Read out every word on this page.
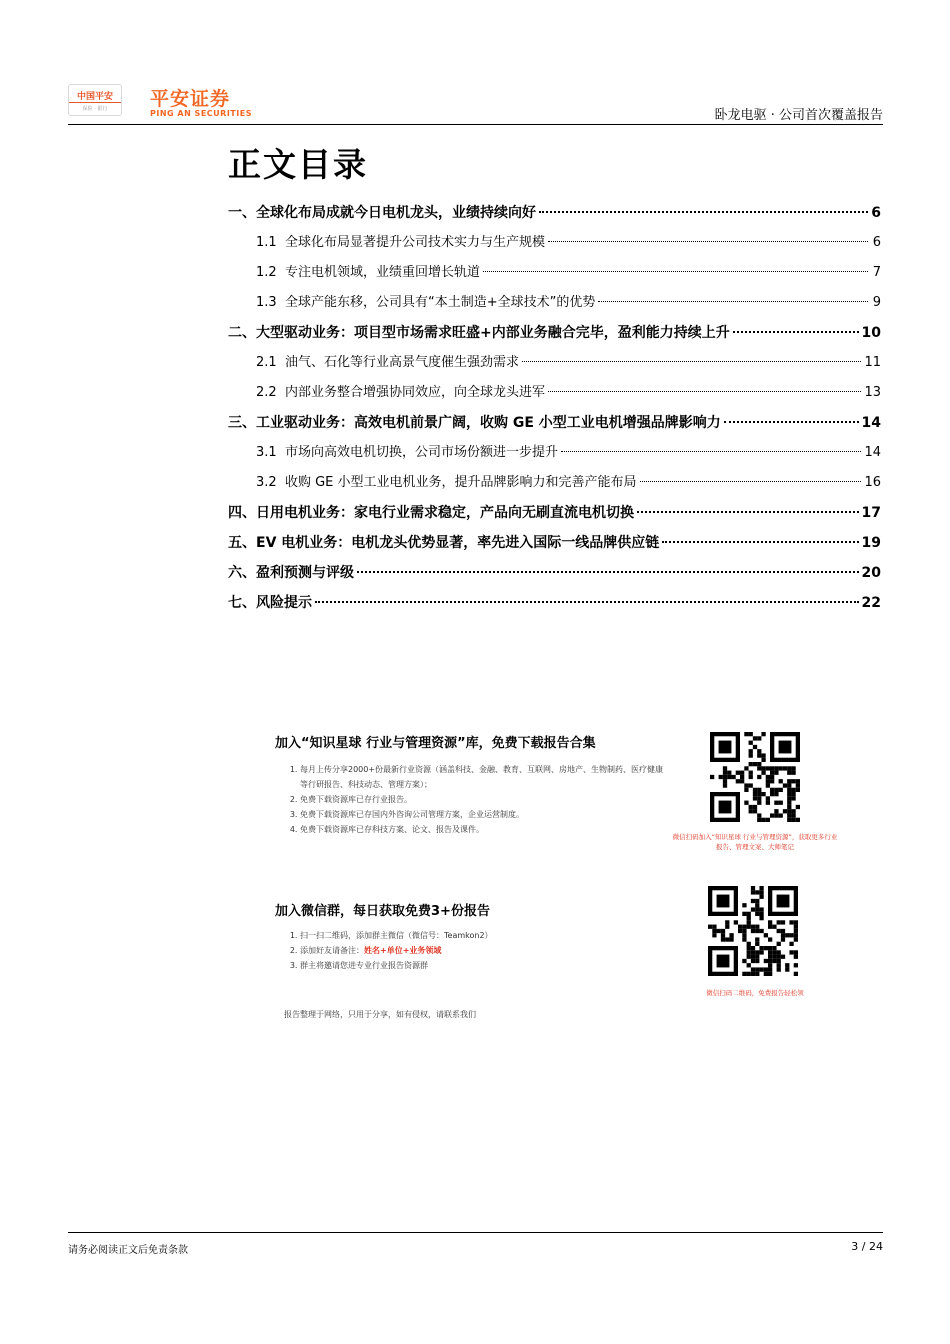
中国平安
保险 · 银行	平安证券
PING AN SECURITIES	卧龙电驱 · 公司首次覆盖报告
正文目录
一、 全球化布局成就今日电机龙头，业绩持续向好	6
1.1 全球化布局显著提升公司技术实力与生产规模	6
1.2 专注电机领域，业绩重回增长轨道	7
1.3 全球产能东移，公司具有“本土制造+全球技术”的优势	9
二、 大型驱动业务：项目型市场需求旺盛+内部业务融合完毕，盈利能力持续上升	10
2.1 油气、石化等行业高景气度催生强劲需求	11
2.2 内部业务整合增强协同效应，向全球龙头进军	13
三、 工业驱动业务：高效电机前景广阔，收购 GE 小型工业电机增强品牌影响力	14
3.1 市场向高效电机切换，公司市场份额进一步提升	14
3.2 收购 GE 小型工业电机业务，提升品牌影响力和完善产能布局	16
四、 日用电机业务：家电行业需求稳定，产品向无刷直流电机切换	17
五、 EV 电机业务：电机龙头优势显著，率先进入国际一线品牌供应链	19
六、 盈利预测与评级	20
七、 风险提示	22
加入“知识星球 行业与管理资源”库，免费下载报告合集
1. 每月上传分享2000+份最新行业资源（涵盖科技、金融、教育、互联网、房地产、生物制药、医疗健康等行研报告、科技动态、管理方案）；
2. 免费下载资源库已存行业报告。
3. 免费下载资源库已存国内外咨询公司管理方案，企业运营制度。
4. 免费下载资源库已存科技方案、论文、报告及课件。
微信扫码加入“知识星球 行业与管理资源”，获取更多行业报告、管理文案、大师笔记
加入微信群，每日获取免费3+份报告
1. 扫一扫二维码，添加群主微信（微信号：Teamkon2）
2. 添加好友请备注：姓名+单位+业务领域
3. 群主将邀请您进专业行业报告资源群
微信扫码二维码，免费报告轻松领
报告整理于网络，只用于分享，如有侵权，请联系我们
请务必阅读正文后免责条款	3 / 24
